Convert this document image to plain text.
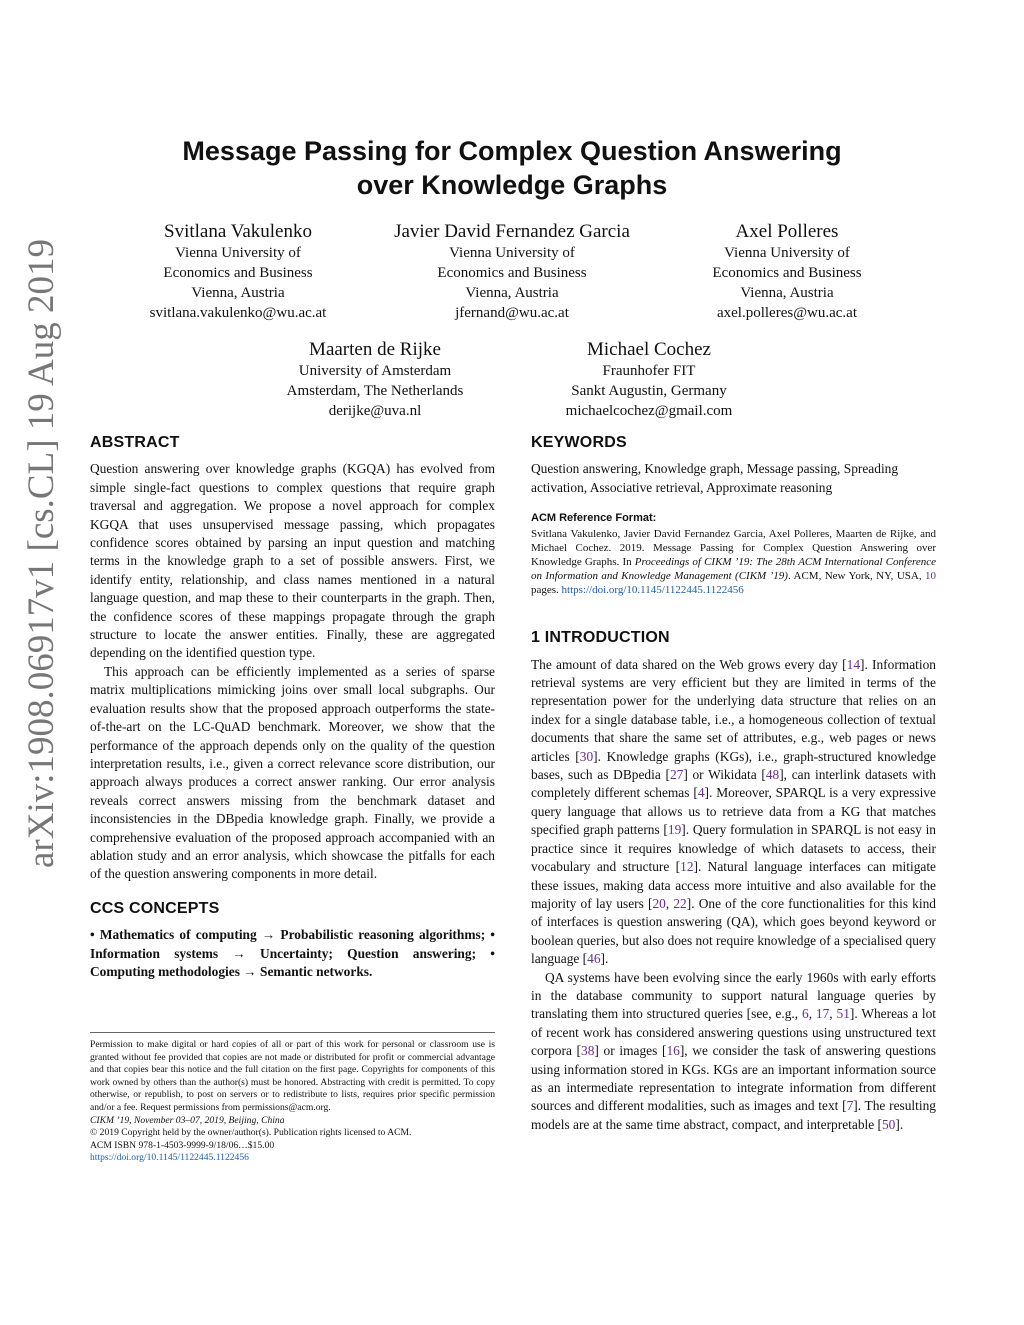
arXiv:1908.06917v1 [cs.CL] 19 Aug 2019
Message Passing for Complex Question Answering
over Knowledge Graphs
Svitlana Vakulenko
Vienna University of
Economics and Business
Vienna, Austria
svitlana.vakulenko@wu.ac.at
Javier David Fernandez Garcia
Vienna University of
Economics and Business
Vienna, Austria
jfernand@wu.ac.at
Axel Polleres
Vienna University of
Economics and Business
Vienna, Austria
axel.polleres@wu.ac.at
Maarten de Rijke
University of Amsterdam
Amsterdam, The Netherlands
derijke@uva.nl
Michael Cochez
Fraunhofer FIT
Sankt Augustin, Germany
michaelcochez@gmail.com
ABSTRACT

Question answering over knowledge graphs (KGQA) has evolved from simple single-fact questions to complex questions that require graph traversal and aggregation. We propose a novel approach for complex KGQA that uses unsupervised message passing, which propagates confidence scores obtained by parsing an input question and matching terms in the knowledge graph to a set of possible answers. First, we identify entity, relationship, and class names mentioned in a natural language question, and map these to their counterparts in the graph. Then, the confidence scores of these mappings propagate through the graph structure to locate the answer entities. Finally, these are aggregated depending on the identified question type.

This approach can be efficiently implemented as a series of sparse matrix multiplications mimicking joins over small local subgraphs. Our evaluation results show that the proposed approach outperforms the state-of-the-art on the LC-QuAD benchmark. Moreover, we show that the performance of the approach depends only on the quality of the question interpretation results, i.e., given a correct relevance score distribution, our approach always produces a correct answer ranking. Our error analysis reveals correct answers missing from the benchmark dataset and inconsistencies in the DBpedia knowledge graph. Finally, we provide a comprehensive evaluation of the proposed approach accompanied with an ablation study and an error analysis, which showcase the pitfalls for each of the question answering components in more detail.

CCS CONCEPTS

• Mathematics of computing → Probabilistic reasoning algorithms; • Information systems → Uncertainty; Question answering; • Computing methodologies → Semantic networks.

Permission to make digital or hard copies of all or part of this work for personal or classroom use is granted without fee provided that copies are not made or distributed for profit or commercial advantage and that copies bear this notice and the full citation on the first page. Copyrights for components of this work owned by others than the author(s) must be honored. Abstracting with credit is permitted. To copy otherwise, or republish, to post on servers or to redistribute to lists, requires prior specific permission and/or a fee. Request permissions from permissions@acm.org.
CIKM ’19, November 03–07, 2019, Beijing, China
© 2019 Copyright held by the owner/author(s). Publication rights licensed to ACM.
ACM ISBN 978-1-4503-9999-9/18/06…$15.00
https://doi.org/10.1145/1122445.1122456
KEYWORDS

Question answering, Knowledge graph, Message passing, Spreading activation, Associative retrieval, Approximate reasoning

ACM Reference Format:

Svitlana Vakulenko, Javier David Fernandez Garcia, Axel Polleres, Maarten de Rijke, and Michael Cochez. 2019. Message Passing for Complex Question Answering over Knowledge Graphs. In Proceedings of CIKM ’19: The 28th ACM International Conference on Information and Knowledge Management (CIKM ’19). ACM, New York, NY, USA, 10 pages. https://doi.org/10.1145/1122445.1122456

1 INTRODUCTION

The amount of data shared on the Web grows every day [14]. Information retrieval systems are very efficient but they are limited in terms of the representation power for the underlying data structure that relies on an index for a single database table, i.e., a homogeneous collection of textual documents that share the same set of attributes, e.g., web pages or news articles [30]. Knowledge graphs (KGs), i.e., graph-structured knowledge bases, such as DBpedia [27] or Wikidata [48], can interlink datasets with completely different schemas [4]. Moreover, SPARQL is a very expressive query language that allows us to retrieve data from a KG that matches specified graph patterns [19]. Query formulation in SPARQL is not easy in practice since it requires knowledge of which datasets to access, their vocabulary and structure [12]. Natural language interfaces can mitigate these issues, making data access more intuitive and also available for the majority of lay users [20, 22]. One of the core functionalities for this kind of interfaces is question answering (QA), which goes beyond keyword or boolean queries, but also does not require knowledge of a specialised query language [46].

QA systems have been evolving since the early 1960s with early efforts in the database community to support natural language queries by translating them into structured queries [see, e.g., 6, 17, 51]. Whereas a lot of recent work has considered answering questions using unstructured text corpora [38] or images [16], we consider the task of answering questions using information stored in KGs. KGs are an important information source as an intermediate representation to integrate information from different sources and different modalities, such as images and text [7]. The resulting models are at the same time abstract, compact, and interpretable [50].
